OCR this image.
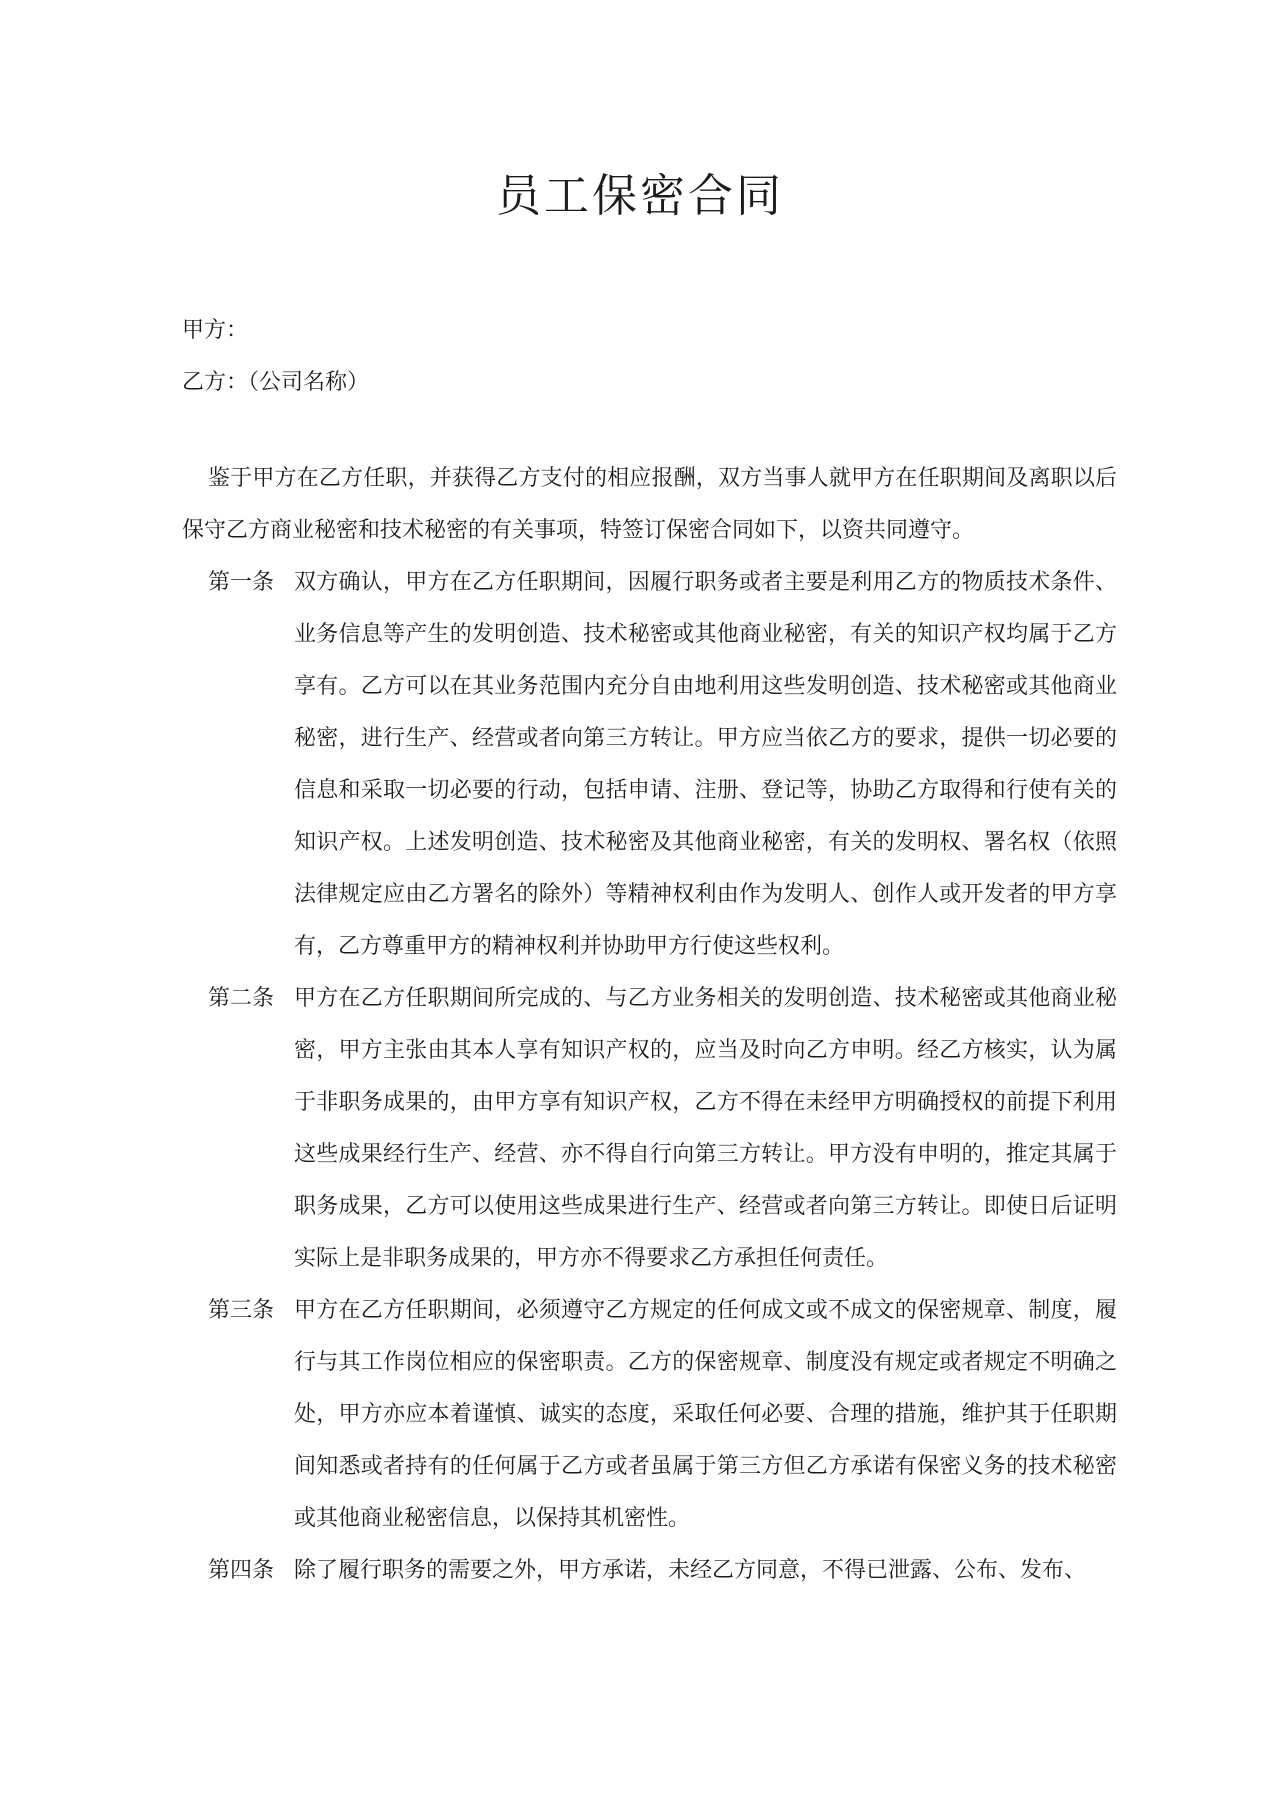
员工保密合同

甲方：

乙方：（公司名称）

鉴于甲方在乙方任职，并获得乙方支付的相应报酬，双方当事人就甲方在任职期间及离职以后保守乙方商业秘密和技术秘密的有关事项，特签订保密合同如下，以资共同遵守。

第一条 双方确认，甲方在乙方任职期间，因履行职务或者主要是利用乙方的物质技术条件、业务信息等产生的发明创造、技术秘密或其他商业秘密，有关的知识产权均属于乙方享有。乙方可以在其业务范围内充分自由地利用这些发明创造、技术秘密或其他商业秘密，进行生产、经营或者向第三方转让。甲方应当依乙方的要求，提供一切必要的信息和采取一切必要的行动，包括申请、注册、登记等，协助乙方取得和行使有关的知识产权。上述发明创造、技术秘密及其他商业秘密，有关的发明权、署名权（依照法律规定应由乙方署名的除外）等精神权利由作为发明人、创作人或开发者的甲方享有，乙方尊重甲方的精神权利并协助甲方行使这些权利。

第二条 甲方在乙方任职期间所完成的、与乙方业务相关的发明创造、技术秘密或其他商业秘密，甲方主张由其本人享有知识产权的，应当及时向乙方申明。经乙方核实，认为属于非职务成果的，由甲方享有知识产权，乙方不得在未经甲方明确授权的前提下利用这些成果经行生产、经营、亦不得自行向第三方转让。甲方没有申明的，推定其属于职务成果，乙方可以使用这些成果进行生产、经营或者向第三方转让。即使日后证明实际上是非职务成果的，甲方亦不得要求乙方承担任何责任。

第三条 甲方在乙方任职期间，必须遵守乙方规定的任何成文或不成文的保密规章、制度，履行与其工作岗位相应的保密职责。乙方的保密规章、制度没有规定或者规定不明确之处，甲方亦应本着谨慎、诚实的态度，采取任何必要、合理的措施，维护其于任职期间知悉或者持有的任何属于乙方或者虽属于第三方但乙方承诺有保密义务的技术秘密或其他商业秘密信息，以保持其机密性。

第四条 除了履行职务的需要之外，甲方承诺，未经乙方同意，不得已泄露、公布、发布、
